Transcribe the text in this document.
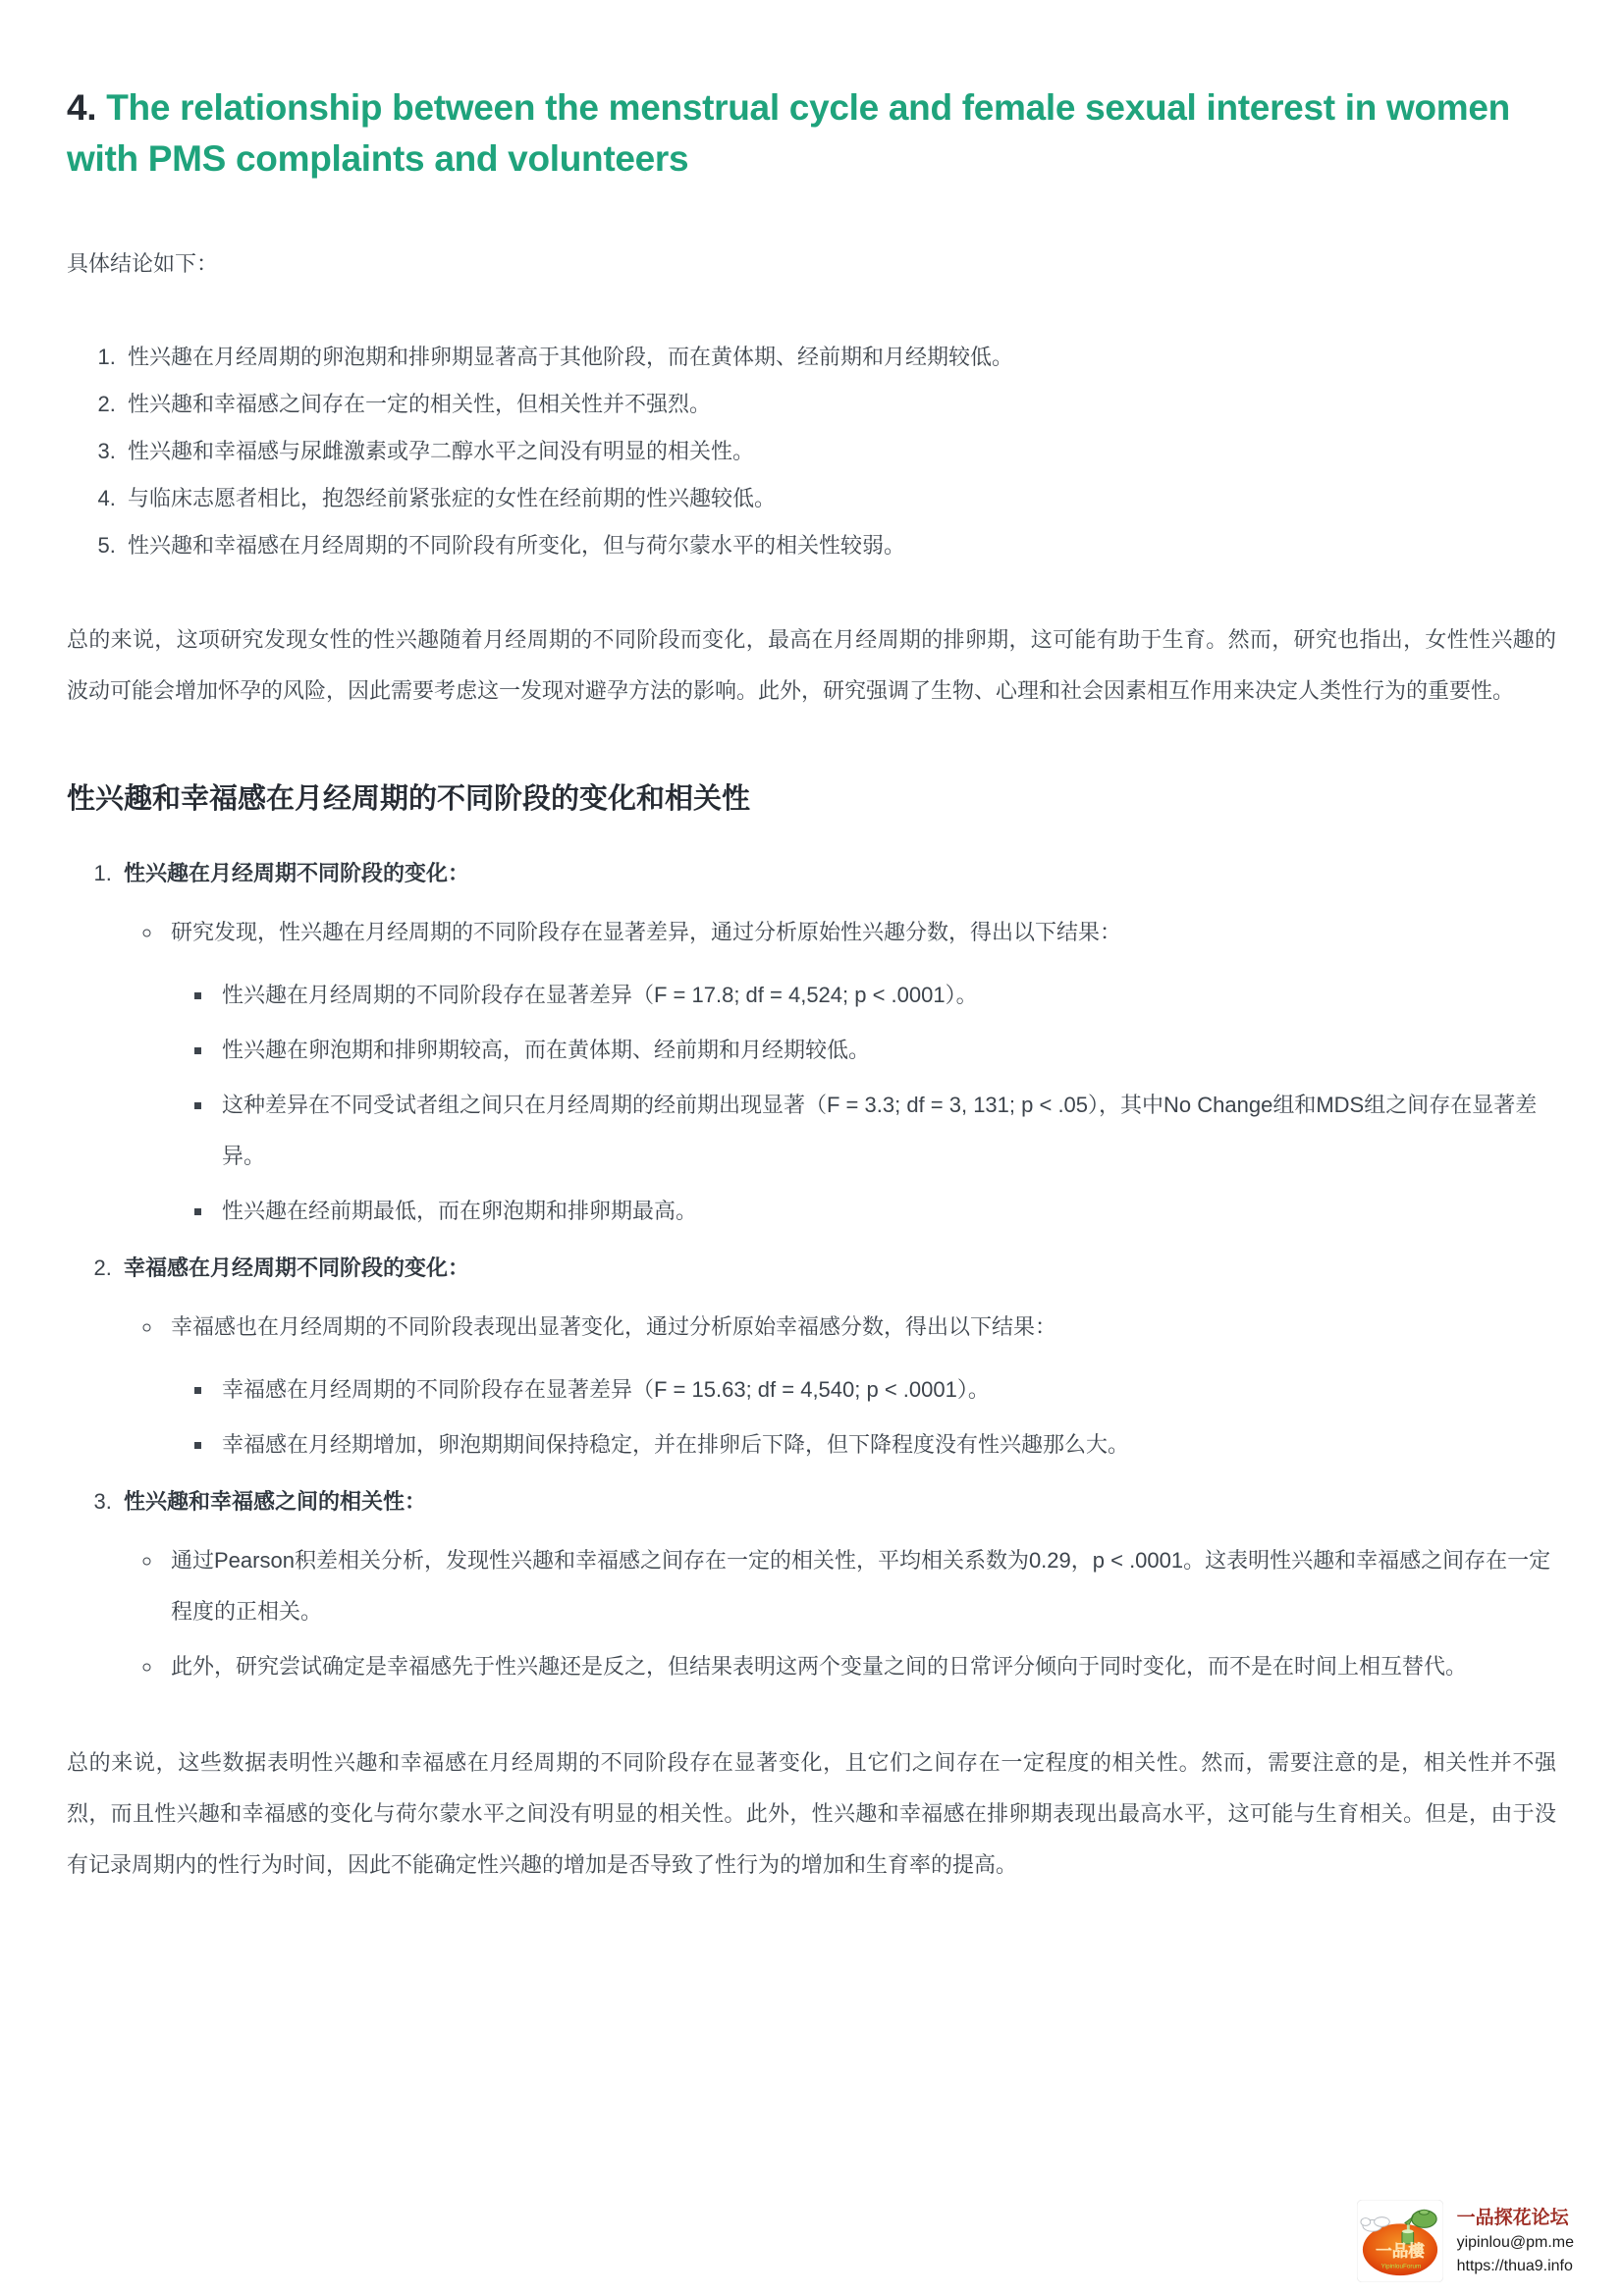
4. The relationship between the menstrual cycle and female sexual interest in women with PMS complaints and volunteers
具体结论如下：
1. 性兴趣在月经周期的卵泡期和排卵期显著高于其他阶段，而在黄体期、经前期和月经期较低。
2. 性兴趣和幸福感之间存在一定的相关性，但相关性并不强烈。
3. 性兴趣和幸福感与尿雌激素或孕二醇水平之间没有明显的相关性。
4. 与临床志愿者相比，抱怨经前紧张症的女性在经前期的性兴趣较低。
5. 性兴趣和幸福感在月经周期的不同阶段有所变化，但与荷尔蒙水平的相关性较弱。

总的来说，这项研究发现女性的性兴趣随着月经周期的不同阶段而变化，最高在月经周期的排卵期，这可能有助于生育。然而，研究也指出，女性性兴趣的波动可能会增加怀孕的风险，因此需要考虑这一发现对避孕方法的影响。此外，研究强调了生物、心理和社会因素相互作用来决定人类性行为的重要性。

性兴趣和幸福感在月经周期的不同阶段的变化和相关性
1. 性兴趣在月经周期不同阶段的变化：
◦ 研究发现，性兴趣在月经周期的不同阶段存在显著差异，通过分析原始性兴趣分数，得出以下结果：
▪ 性兴趣在月经周期的不同阶段存在显著差异（F = 17.8; df = 4,524; p < .0001）。
▪ 性兴趣在卵泡期和排卵期较高，而在黄体期、经前期和月经期较低。
▪ 这种差异在不同受试者组之间只在月经周期的经前期出现显著（F = 3.3; df = 3, 131; p < .05），其中No Change组和MDS组之间存在显著差异。
▪ 性兴趣在经前期最低，而在卵泡期和排卵期最高。
2. 幸福感在月经周期不同阶段的变化：
◦ 幸福感也在月经周期的不同阶段表现出显著变化，通过分析原始幸福感分数，得出以下结果：
▪ 幸福感在月经周期的不同阶段存在显著差异（F = 15.63; df = 4,540; p < .0001）。
▪ 幸福感在月经期增加，卵泡期期间保持稳定，并在排卵后下降，但下降程度没有性兴趣那么大。
3. 性兴趣和幸福感之间的相关性：
◦ 通过Pearson积差相关分析，发现性兴趣和幸福感之间存在一定的相关性，平均相关系数为0.29，p < .0001。这表明性兴趣和幸福感之间存在一定程度的正相关。
◦ 此外，研究尝试确定是幸福感先于性兴趣还是反之，但结果表明这两个变量之间的日常评分倾向于同时变化，而不是在时间上相互替代。

总的来说，这些数据表明性兴趣和幸福感在月经周期的不同阶段存在显著变化，且它们之间存在一定程度的相关性。然而，需要注意的是，相关性并不强烈，而且性兴趣和幸福感的变化与荷尔蒙水平之间没有明显的相关性。此外，性兴趣和幸福感在排卵期表现出最高水平，这可能与生育相关。但是，由于没有记录周期内的性行为时间，因此不能确定性兴趣的增加是否导致了性行为的增加和生育率的提高。

一品樓
YipinlouForum
一品探花论坛
yipinlou@pm.me
https://thua9.info
